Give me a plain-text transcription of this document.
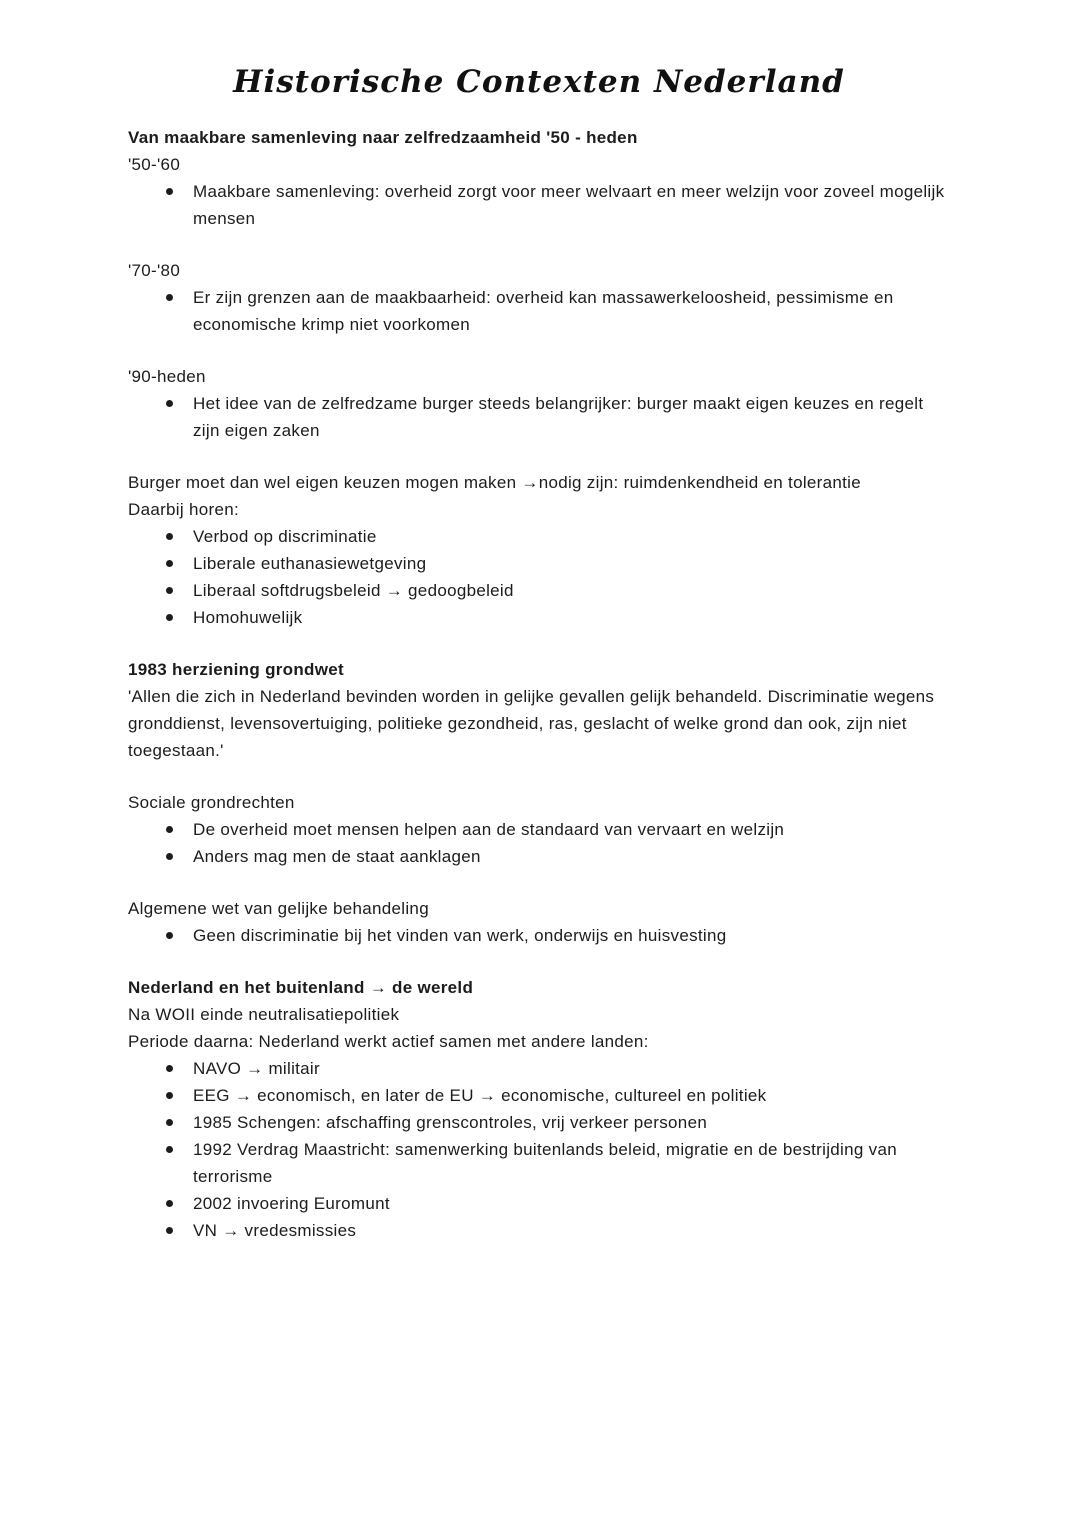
Historische Contexten Nederland

Van maakbare samenleving naar zelfredzaamheid '50 - heden

'50-'60

Maakbare samenleving: overheid zorgt voor meer welvaart en meer welzijn voor zoveel mogelijk mensen

'70-'80

Er zijn grenzen aan de maakbaarheid: overheid kan massawerkeloosheid, pessimisme en economische krimp niet voorkomen

'90-heden

Het idee van de zelfredzame burger steeds belangrijker: burger maakt eigen keuzes en regelt zijn eigen zaken

Burger moet dan wel eigen keuzen mogen maken →nodig zijn: ruimdenkendheid en tolerantie

Daarbij horen:

Verbod op discriminatie
Liberale euthanasiewetgeving
Liberaal softdrugsbeleid → gedoogbeleid
Homohuwelijk

1983 herziening grondwet

'Allen die zich in Nederland bevinden worden in gelijke gevallen gelijk behandeld. Discriminatie wegens gronddienst, levensovertuiging, politieke gezondheid, ras, geslacht of welke grond dan ook, zijn niet toegestaan.'

Sociale grondrechten

De overheid moet mensen helpen aan de standaard van vervaart en welzijn
Anders mag men de staat aanklagen

Algemene wet van gelijke behandeling

Geen discriminatie bij het vinden van werk, onderwijs en huisvesting

Nederland en het buitenland → de wereld

Na WOII einde neutralisatiepolitiek

Periode daarna: Nederland werkt actief samen met andere landen:

NAVO → militair
EEG → economisch, en later de EU → economische, cultureel en politiek
1985 Schengen: afschaffing grenscontroles, vrij verkeer personen
1992 Verdrag Maastricht: samenwerking buitenlands beleid, migratie en de bestrijding van terrorisme
2002 invoering Euromunt
VN → vredesmissies
